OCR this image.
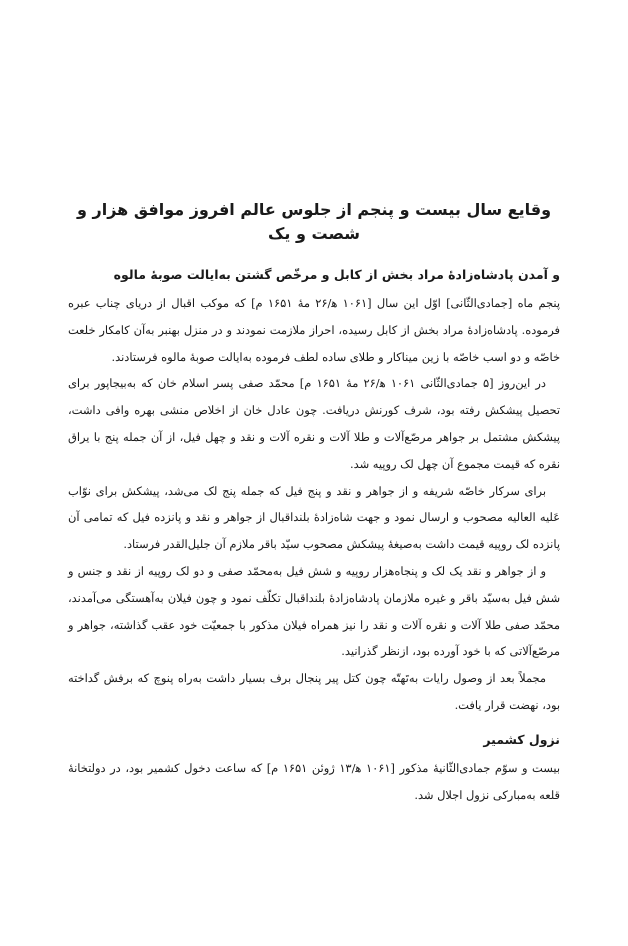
وقایع سال بیست و پنجم از جلوس عالم افروز موافق هزار و شصت و یک
و آمدن پادشاه‌زادهٔ مراد بخش از کابل و مرخّص گشتن به‌ایالت صوبهٔ مالوه

پنجم ماه [جمادی‌الثّانی] اوّل این سال [۱۰۶۱ ه‍/۲۶ مهٔ ۱۶۵۱ م] که موکب اقبال از دریای چناب عبره فرموده. پادشاه‌زادهٔ مراد بخش از کابل رسیده، احراز ملازمت نمودند و در منزل بهنبر به‌آن کامکار خلعت خاصّه و دو اسب خاصّه با زین میناکار و طلای ساده لطف فرموده به‌ایالت صوبهٔ مالوه فرستادند.

در این‌روز [۵ جمادی‌الثّانی ۱۰۶۱ ه‍/۲۶ مهٔ ۱۶۵۱ م] محمّد صفی پسر اسلام خان که به‌بیجاپور برای تحصیل پیشکش رفته بود، شرف کورنش دریافت. چون عادل خان از اخلاص منشی بهره وافی داشت، پیشکش مشتمل بر جواهر مرصّع‌آلات و طلا آلات و نقره آلات و نقد و چهل فیل، از آن جمله پنج با یراق نقره که قیمت مجموع آن چهل لک روپیه شد.

برای سرکار خاصّه شریفه و از جواهر و نقد و پنج فیل که جمله پنج لک می‌شد، پیشکش برای نوّاب عَلیه العالیه مصحوب و ارسال نمود و جهت شاه‌زادهٔ بلنداقبال از جواهر و نقد و پانزده فیل که تمامی آن پانزده لک روپیه قیمت داشت به‌صیغهٔ پیشکش مصحوب سیّد باقر ملازم آن جلیل‌القدر فرستاد.

و از جواهر و نقد یک لک و پنجاه‌هزار روپیه و شش فیل به‌محمّد صفی و دو لک روپیه از نقد و جنس و شش فیل به‌سیّد باقر و غیره ملازمان پادشاه‌زادهٔ بلنداقبال تکلّف نمود و چون فیلان به‌آهستگی می‌آمدند، محمّد صفی طلا آلات و نقره آلات و نقد را نیز همراه فیلان مذکور با جمعیّت خود عقب گذاشته، جواهر و مرصّع‌آلاتی که با خود آورده بود، ازنظر گذرانید.

مجملاً بعد از وصول رایات به‌تَهتّه چون کتل پیر پنجال برف بسیار داشت به‌راه پنوچ که برفش گداخته بود، نهضت قرار یافت.

نزول کشمیر

بیست و سوّم جمادی‌الثّانیهٔ مذکور [۱۰۶۱ ه‍/۱۳ ژوئن ۱۶۵۱ م] که ساعت دخول کشمیر بود، در دولتخانهٔ قلعه به‌مبارکی نزول اجلال شد.
